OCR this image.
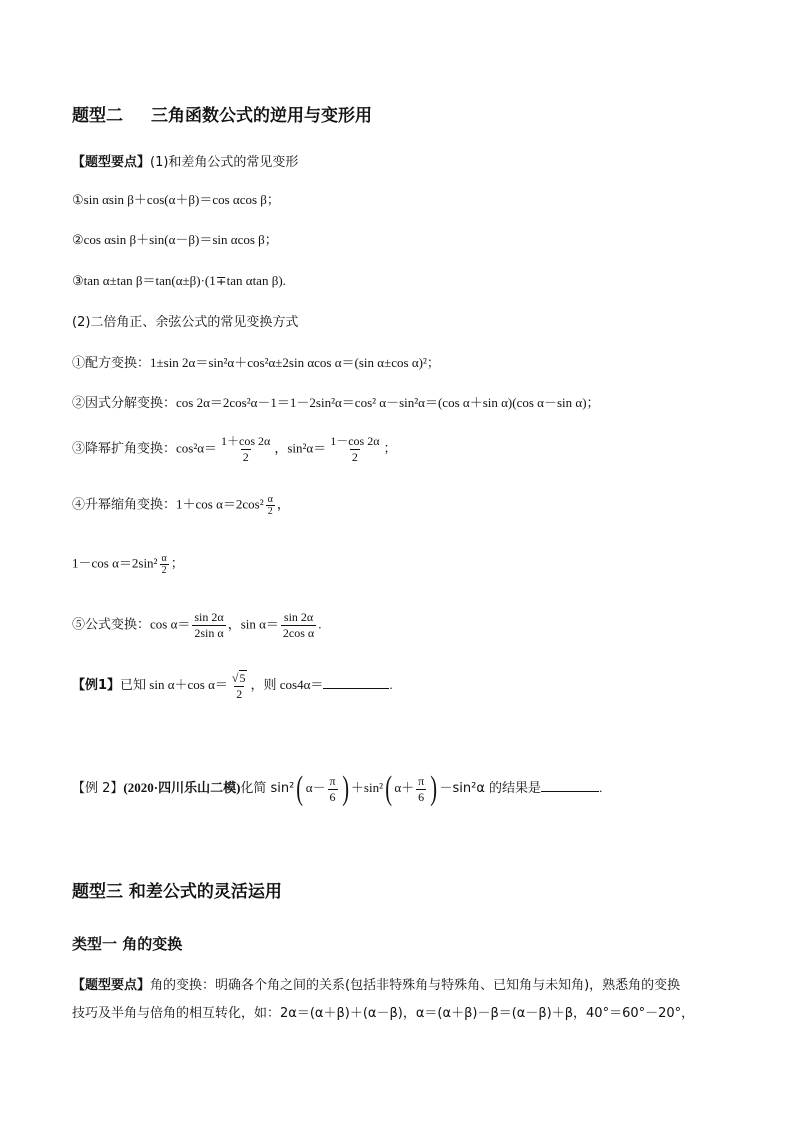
题型二 三角函数公式的逆用与变形用
【题型要点】(1)和差角公式的常见变形
①sin αsin β＋cos(α＋β)＝cos αcos β；
②cos αsin β＋sin(α－β)＝sin αcos β；
③tan α±tan β＝tan(α±β)·(1∓tan αtan β).
(2)二倍角正、余弦公式的常见变换方式
①配方变换：1±sin 2α＝sin²α＋cos²α±2sin αcos α＝(sin α±cos α)²；
②因式分解变换：cos 2α＝2cos²α－1＝1－2sin²α＝cos² α－sin²α＝(cos α＋sin α)(cos α－sin α)；
③降幂扩角变换：$\cos^2\alpha= \frac{1+\cos 2\alpha}{2}$ ，$\sin^2\alpha= \frac{1-\cos 2\alpha}{2}$ ；
④升幂缩角变换：1＋cos $\alpha=2\cos^2 \frac{\alpha}{2}$ ，
1－cos $\alpha=2\sin^2 \frac{\alpha}{2}$ ；
⑤公式变换：$\cos \alpha= \frac{\sin 2\alpha}{\text{2sin α}}$ ，$\sin \alpha= \frac{\sin 2\alpha}{\text{2cos α}}$ .
【例1】已知 sin α＋cos $\alpha= \frac{√5}{2}$ ，则 cos4α＝	.
【例 2】(2020·四川乐山二模)化简 sin²( $\alpha- \frac{\pi}{6}$ ) ＋sin²( $\alpha+ \frac{\pi}{6}$ ) －sin²α 的结果是	.
题型三 和差公式的灵活运用
类型一 角的变换
【题型要点】角的变换：明确各个角之间的关系(包括非特殊角与特殊角、已知角与未知角)，熟悉角的变换
技巧及半角与倍角的相互转化，如：2α＝(α＋β)＋(α－β)，α＝(α＋β)－β＝(α－β)＋β，40°＝60°－20°，
